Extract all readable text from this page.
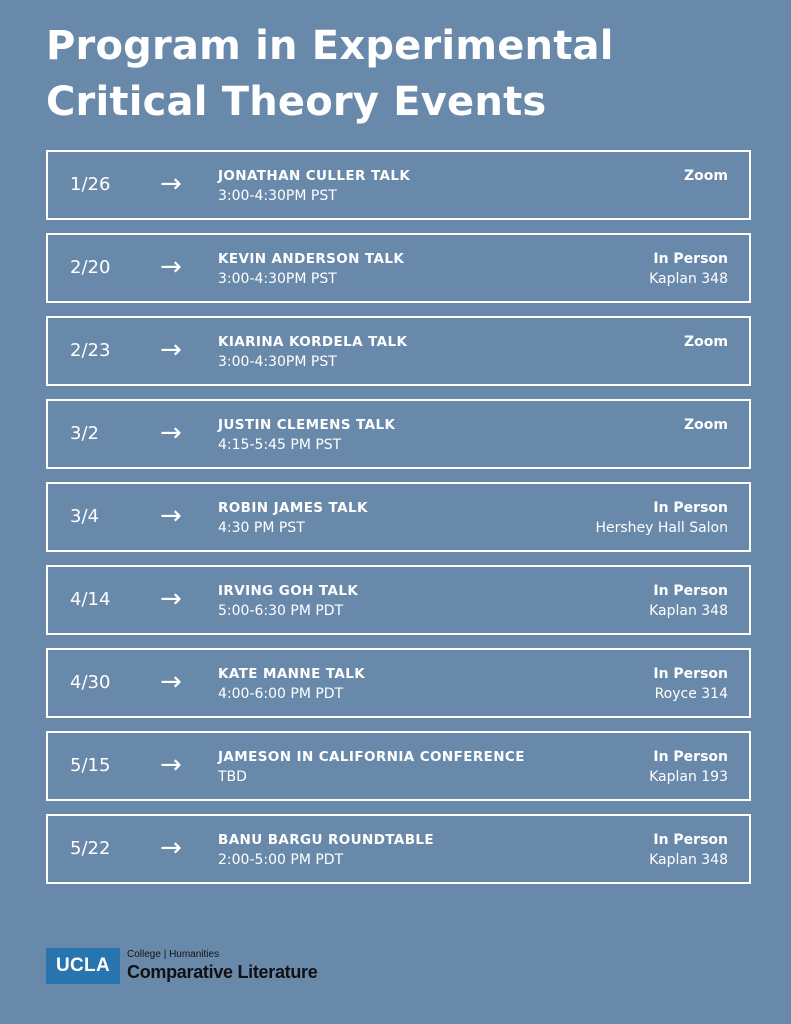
Program in Experimental
Critical Theory Events
1/26 →	JONATHAN CULLER TALK
3:00-4:30PM PST
Zoom
2/20 →	KEVIN ANDERSON TALK
3:00-4:30PM PST
In Person
Kaplan 348
2/23 →	KIARINA KORDELA TALK
3:00-4:30PM PST
Zoom
3/2 →	JUSTIN CLEMENS TALK
4:15-5:45 PM PST
Zoom
3/4 →	ROBIN JAMES TALK
4:30 PM PST
In Person
Hershey Hall Salon
4/14 →	IRVING GOH TALK
5:00-6:30 PM PDT
In Person
Kaplan 348
4/30 →	KATE MANNE TALK
4:00-6:00 PM PDT
In Person
Royce 314
5/15 →	JAMESON IN CALIFORNIA CONFERENCE
TBD
In Person
Kaplan 193
5/22 →	BANU BARGU ROUNDTABLE
2:00-5:00 PM PDT
In Person
Kaplan 348
UCLA
College | Humanities
Comparative Literature
